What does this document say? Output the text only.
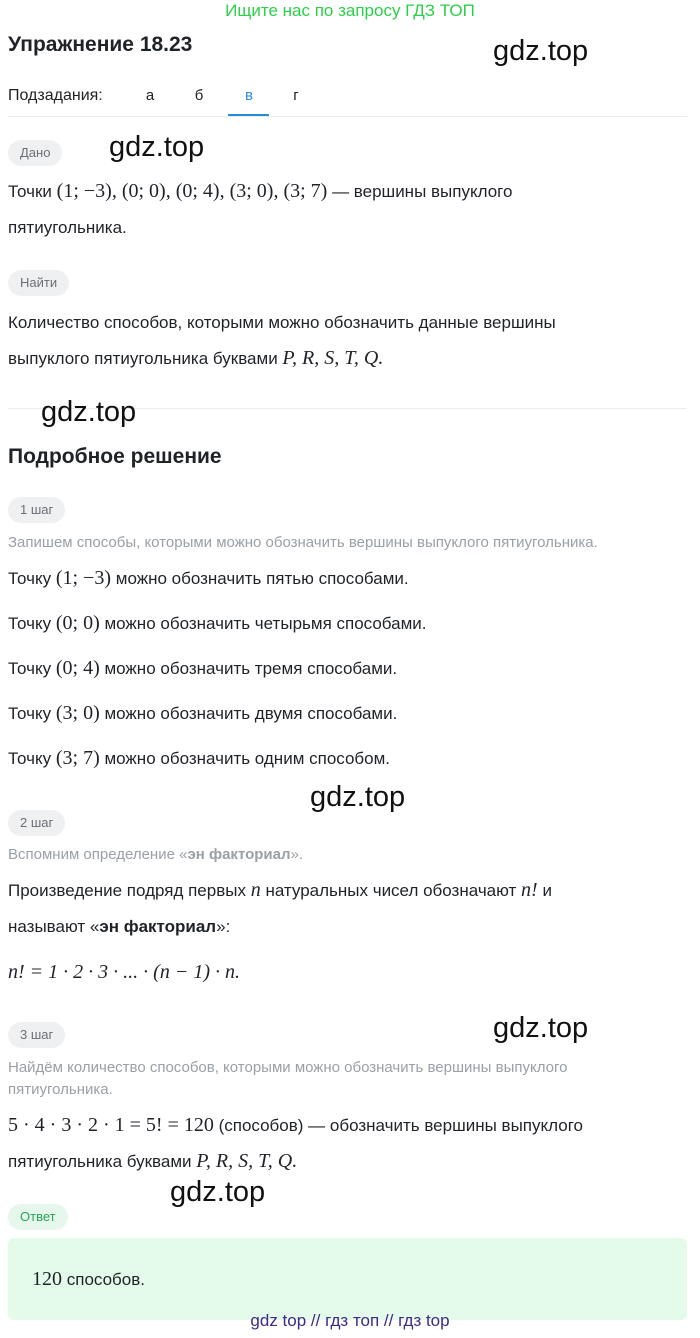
Ищите нас по запросу ГДЗ ТОП
Упражнение 18.23	gdz.top
Подзадания:	а	б	в	г
Дано	gdz.top
Точки (1; −3), (0; 0), (0; 4), (3; 0), (3; 7) — вершины выпуклого
пятиугольника.
Найти
Количество способов, которыми можно обозначить данные вершины
выпуклого пятиугольника буквами P, R, S, T, Q.
gdz.top
Подробное решение
1 шаг
Запишем способы, которыми можно обозначить вершины выпуклого пятиугольника.
Точку (1; −3) можно обозначить пятью способами.
Точку (0; 0) можно обозначить четырьмя способами.
Точку (0; 4) можно обозначить тремя способами.
Точку (3; 0) можно обозначить двумя способами.
Точку (3; 7) можно обозначить одним способом.
gdz.top
2 шаг
Вспомним определение «эн факториал».
Произведение подряд первых n натуральных чисел обозначают n! и
называют «эн факториал»:
n! = 1 · 2 · 3 · ... · (n − 1) · n.
3 шаг	gdz.top
Найдём количество способов, которыми можно обозначить вершины выпуклого
пятиугольника.
5 · 4 · 3 · 2 · 1 = 5! = 120 (способов) — обозначить вершины выпуклого
пятиугольника буквами P, R, S, T, Q.
gdz.top
Ответ
120 способов.
gdz top // гдз топ // гдз top
